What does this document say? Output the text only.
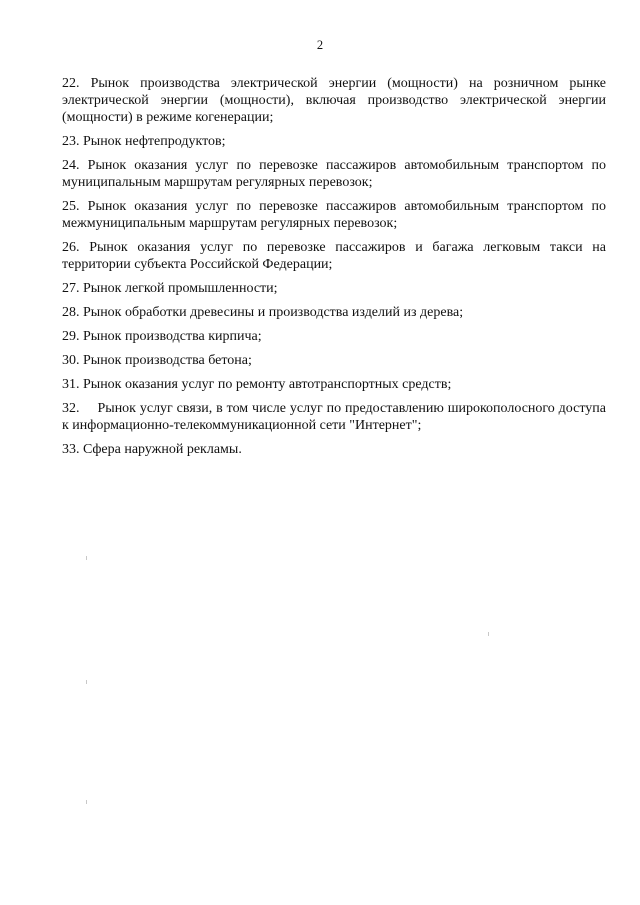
2

22. Рынок производства электрической энергии (мощности) на розничном рынке электрической энергии (мощности), включая производство электрической энергии (мощности) в режиме когенерации;

23. Рынок нефтепродуктов;

24. Рынок оказания услуг по перевозке пассажиров автомобильным транспортом по муниципальным маршрутам регулярных перевозок;

25. Рынок оказания услуг по перевозке пассажиров автомобильным транспортом по межмуниципальным маршрутам регулярных перевозок;

26. Рынок оказания услуг по перевозке пассажиров и багажа легковым такси на территории субъекта Российской Федерации;

27. Рынок легкой промышленности;

28. Рынок обработки древесины и производства изделий из дерева;

29. Рынок производства кирпича;

30. Рынок производства бетона;

31. Рынок оказания услуг по ремонту автотранспортных средств;

32. Рынок услуг связи, в том числе услуг по предоставлению широкополосного доступа к информационно-телекоммуникационной сети "Интернет";

33. Сфера наружной рекламы.
